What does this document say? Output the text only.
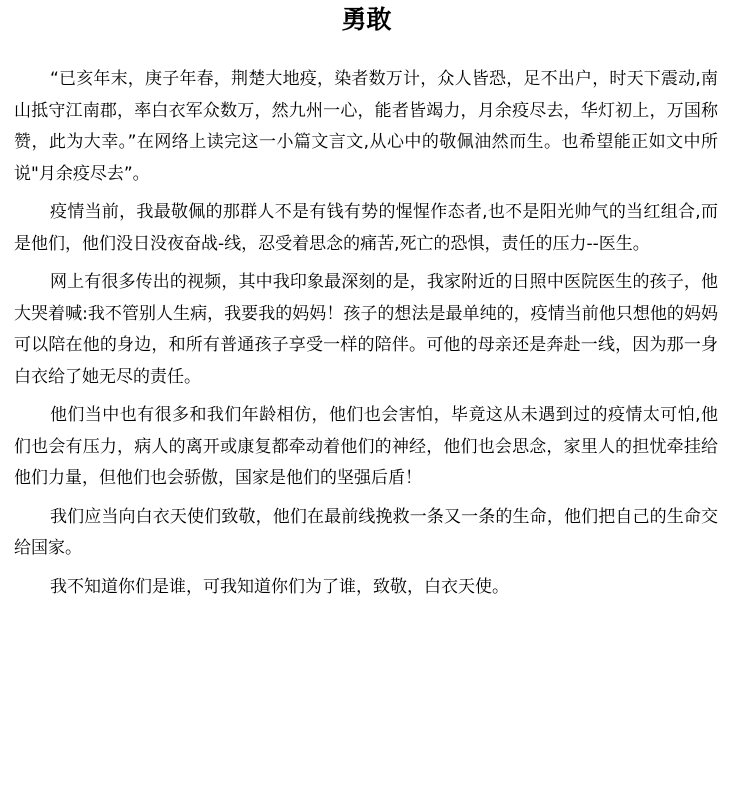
勇敢

“已亥年末，庚子年春，荆楚大地疫，染者数万计，众人皆恐，足不出户，时天下震动,南山抵守江南郡，率白衣军众数万，然九州一心，能者皆竭力，月余疫尽去，华灯初上，万国称赞，此为大幸。”在网络上读完这一小篇文言文,从心中的敬佩油然而生。也希望能正如文中所说"月余疫尽去”。

疫情当前，我最敬佩的那群人不是有钱有势的惺惺作态者,也不是阳光帅气的当红组合,而是他们，他们没日没夜奋战-线，忍受着思念的痛苦,死亡的恐惧，责任的压力--医生。

网上有很多传出的视频，其中我印象最深刻的是，我家附近的日照中医院医生的孩子，他大哭着喊:我不管别人生病，我要我的妈妈！孩子的想法是最单纯的，疫情当前他只想他的妈妈可以陪在他的身边，和所有普通孩子享受一样的陪伴。可他的母亲还是奔赴一线，因为那一身白衣给了她无尽的责任。

他们当中也有很多和我们年龄相仿，他们也会害怕，毕竟这从未遇到过的疫情太可怕,他们也会有压力，病人的离开或康复都牵动着他们的神经，他们也会思念，家里人的担忧牵挂给他们力量，但他们也会骄傲，国家是他们的坚强后盾！

我们应当向白衣天使们致敬，他们在最前线挽救一条又一条的生命，他们把自己的生命交给国家。

我不知道你们是谁，可我知道你们为了谁，致敬，白衣天使。
